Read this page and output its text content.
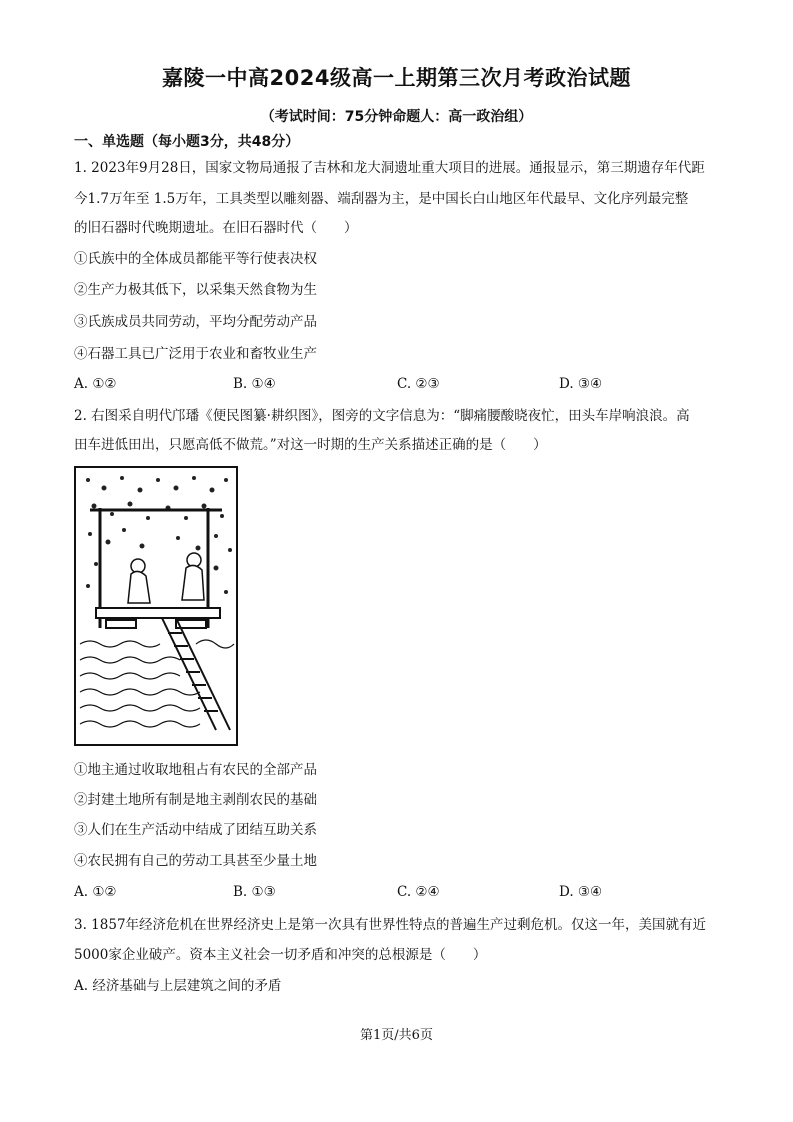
嘉陵一中高2024级高一上期第三次月考政治试题
（考试时间：75分钟命题人：高一政治组）
一、单选题（每小题3分，共48分）
1. 2023年9月28日，国家文物局通报了吉林和龙大洞遗址重大项目的进展。通报显示，第三期遗存年代距
今1.7万年至 1.5万年，工具类型以雕刻器、端刮器为主，是中国长白山地区年代最早、文化序列最完整
的旧石器时代晚期遗址。在旧石器时代（　　）
①氏族中的全体成员都能平等行使表决权
②生产力极其低下，以采集天然食物为生
③氏族成员共同劳动，平均分配劳动产品
④石器工具已广泛用于农业和畜牧业生产
A. ①②	B. ①④	C. ②③	D. ③④
2. 右图采自明代邝璠《便民图纂·耕织图》，图旁的文字信息为：“脚痛腰酸晓夜忙，田头车岸响浪浪。高
田车进低田出，只愿高低不做荒。”对这一时期的生产关系描述正确的是（　　）
①地主通过收取地租占有农民的全部产品
②封建土地所有制是地主剥削农民的基础
③人们在生产活动中结成了团结互助关系
④农民拥有自己的劳动工具甚至少量土地
A. ①②	B. ①③	C. ②④	D. ③④
3. 1857年经济危机在世界经济史上是第一次具有世界性特点的普遍生产过剩危机。仅这一年，美国就有近
5000家企业破产。资本主义社会一切矛盾和冲突的总根源是（　　）
A. 经济基础与上层建筑之间的矛盾
第1页/共6页
